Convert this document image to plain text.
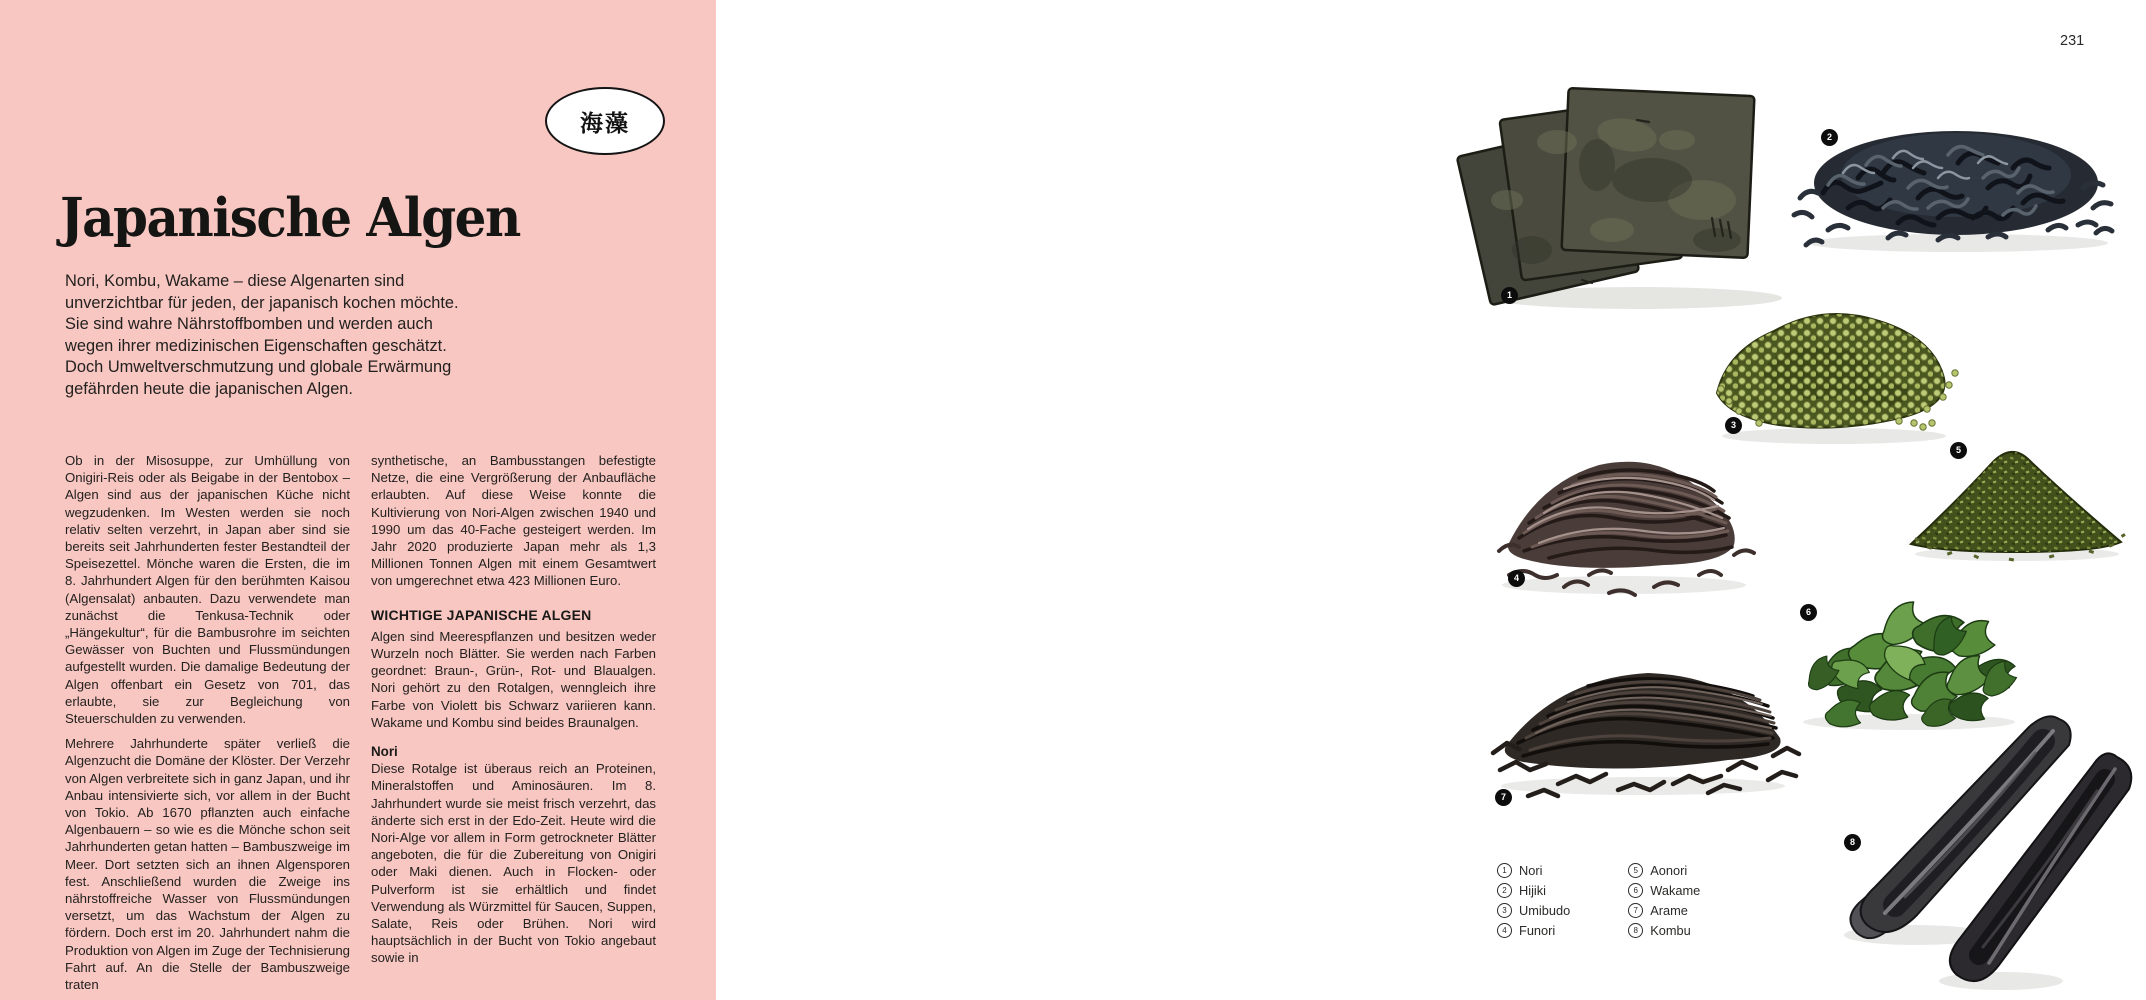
海藻
Japanische Algen

Nori, Kombu, Wakame – diese Algenarten sind unverzichtbar für jeden, der japanisch kochen möchte. Sie sind wahre Nährstoffbomben und werden auch wegen ihrer medizinischen Eigenschaften geschätzt. Doch Umweltverschmutzung und globale Erwärmung gefährden heute die japanischen Algen.

Ob in der Misosuppe, zur Umhüllung von Onigiri-Reis oder als Beigabe in der Bentobox – Algen sind aus der japanischen Küche nicht wegzudenken. Im Westen werden sie noch relativ selten verzehrt, in Japan aber sind sie bereits seit Jahrhunderten fester Bestandteil der Speisezettel. Mönche waren die Ersten, die im 8. Jahrhundert Algen für den berühmten Kaisou (Algensalat) anbauten. Dazu verwendete man zunächst die Tenkusa-Technik oder „Hängekultur“, für die Bambusrohre im seichten Gewässer von Buchten und Flussmündungen aufgestellt wurden. Die damalige Bedeutung der Algen offenbart ein Gesetz von 701, das erlaubte, sie zur Begleichung von Steuerschulden zu verwenden.

Mehrere Jahrhunderte später verließ die Algenzucht die Domäne der Klöster. Der Verzehr von Algen verbreitete sich in ganz Japan, und ihr Anbau intensivierte sich, vor allem in der Bucht von Tokio. Ab 1670 pflanzten auch einfache Algenbauern – so wie es die Mönche schon seit Jahrhunderten getan hatten – Bambuszweige im Meer. Dort setzten sich an ihnen Algensporen fest. Anschließend wurden die Zweige ins nährstoffreiche Wasser von Flussmündungen versetzt, um das Wachstum der Algen zu fördern. Doch erst im 20. Jahrhundert nahm die Produktion von Algen im Zuge der Technisierung Fahrt auf. An die Stelle der Bambuszweige traten

synthetische, an Bambusstangen befestigte Netze, die eine Vergrößerung der Anbaufläche erlaubten. Auf diese Weise konnte die Kultivierung von Nori-Algen zwischen 1940 und 1990 um das 40-Fache gesteigert werden. Im Jahr 2020 produzierte Japan mehr als 1,3 Millionen Tonnen Algen mit einem Gesamtwert von umgerechnet etwa 423 Millionen Euro.

WICHTIGE JAPANISCHE ALGEN

Algen sind Meerespflanzen und besitzen weder Wurzeln noch Blätter. Sie werden nach Farben geordnet: Braun-, Grün-, Rot- und Blaualgen. Nori gehört zu den Rotalgen, wenngleich ihre Farbe von Violett bis Schwarz variieren kann. Wakame und Kombu sind beides Braunalgen.

Nori

Diese Rotalge ist überaus reich an Proteinen, Mineralstoffen und Aminosäuren. Im 8. Jahrhundert wurde sie meist frisch verzehrt, das änderte sich erst in der Edo-Zeit. Heute wird die Nori-Alge vor allem in Form getrockneter Blätter angeboten, die für die Zubereitung von Onigiri oder Maki dienen. Auch in Flocken- oder Pulverform ist sie erhältlich und findet Verwendung als Würzmittel für Saucen, Suppen, Salate, Reis oder Brühen. Nori wird hauptsächlich in der Bucht von Tokio angebaut sowie in

231
1
2
3
4
5
6
7
8
1 Nori
2 Hijiki
3 Umibudo
4 Funori
5 Aonori
6 Wakame
7 Arame
8 Kombu
